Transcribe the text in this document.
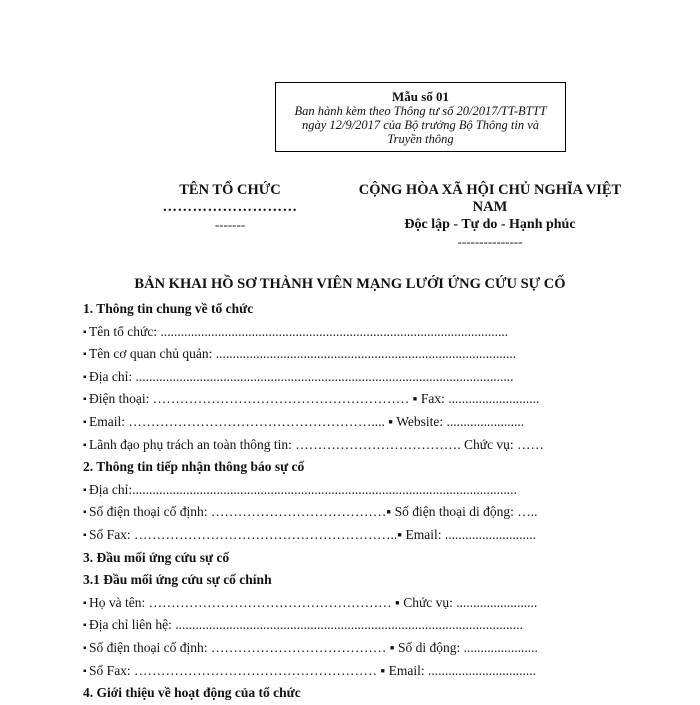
Mẫu số 01
Ban hành kèm theo Thông tư số 20/2017/TT-BTTT
ngày 12/9/2017 của Bộ trưởng Bộ Thông tin và
Truyền thông
TÊN TỔ CHỨC
………………………
-------
CỘNG HÒA XÃ HỘI CHỦ NGHĨA VIỆT
NAM
Độc lập - Tự do - Hạnh phúc
---------------
BẢN KHAI HỒ SƠ THÀNH VIÊN MẠNG LƯỚI ỨNG CỨU SỰ CỐ
1. Thông tin chung về tổ chức
▪ Tên tổ chức: .......................................................................................................
▪ Tên cơ quan chủ quản: .........................................................................................
▪ Địa chỉ: ................................................................................................................
▪ Điện thoại: ………………………………………………… ▪ Fax: ...........................
▪ Email: ……………………………………………….... ▪ Website: .......................
▪ Lãnh đạo phụ trách an toàn thông tin: ………………………………. Chức vụ: ……
2. Thông tin tiếp nhận thông báo sự cố
▪ Địa chỉ:..................................................................................................................
▪ Số điện thoại cố định: …………………………………▪ Số điện thoại di động: …..
▪ Số Fax: …………………………………………………..▪ Email: ...........................
3. Đầu mối ứng cứu sự cố
3.1 Đầu mối ứng cứu sự cố chính
▪ Họ và tên: ……………………………………………… ▪ Chức vụ: ........................
▪ Địa chỉ liên hệ: .......................................................................................................
▪ Số điện thoại cố định: ………………………………… ▪ Số di động: ......................
▪ Số Fax: ……………………………………………… ▪ Email: ................................
4. Giới thiệu về hoạt động của tổ chức
